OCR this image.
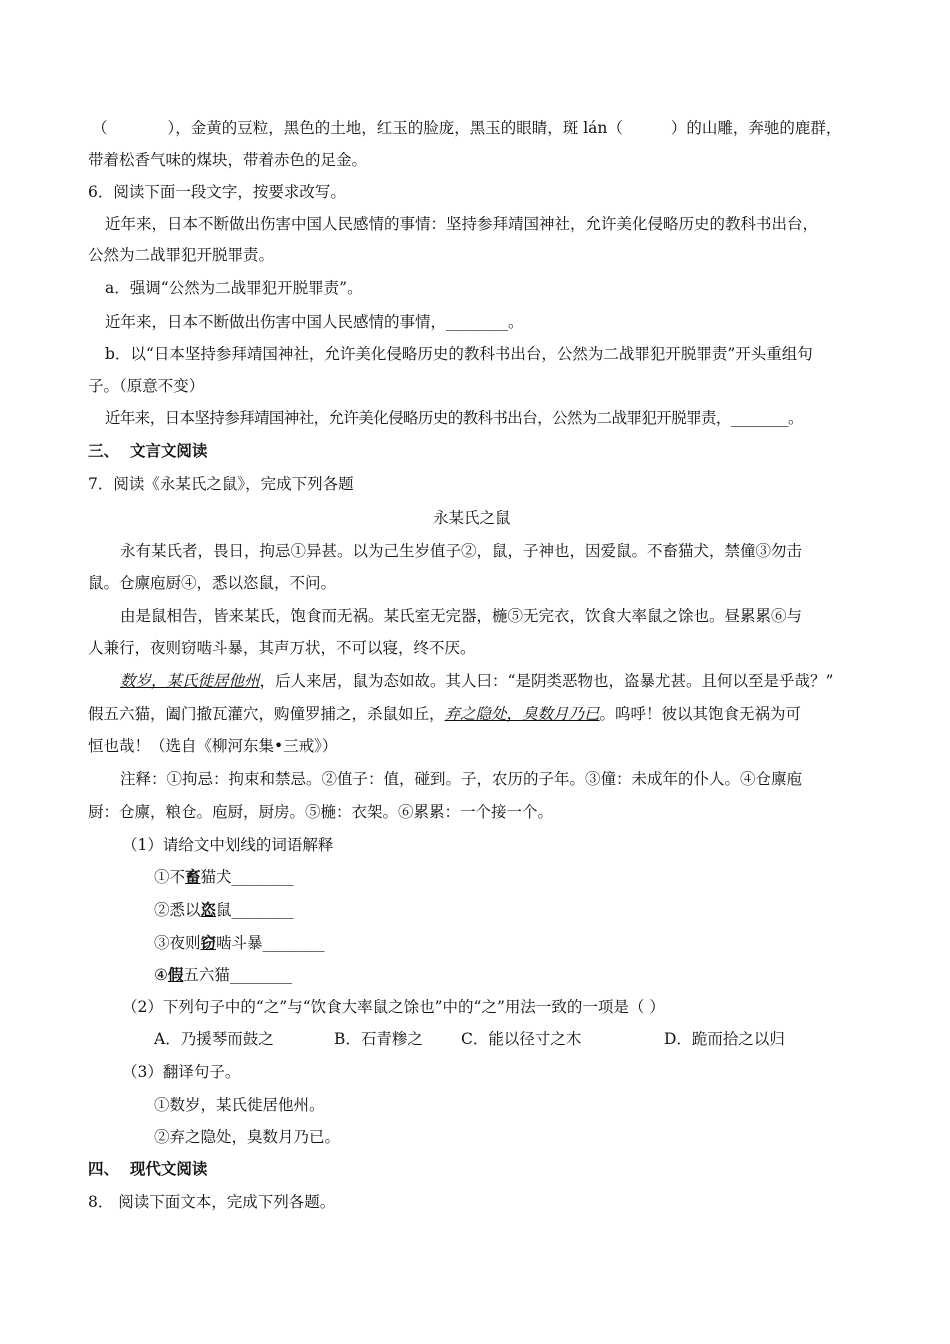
（	），金黄的豆粒，黑色的土地，红玉的脸庞，黑玉的眼睛，斑 lán（	）的山雕，奔驰的鹿群，
带着松香气味的煤块，带着赤色的足金。
6．阅读下面一段文字，按要求改写。
近年来，日本不断做出伤害中国人民感情的事情：坚持参拜靖国神社，允许美化侵略历史的教科书出台，
公然为二战罪犯开脱罪责。
a．强调“公然为二战罪犯开脱罪责”。
近年来，日本不断做出伤害中国人民感情的事情，________。
b．以“日本坚持参拜靖国神社，允许美化侵略历史的教科书出台，公然为二战罪犯开脱罪责”开头重组句
子。（原意不变）
近年来，日本坚持参拜靖国神社，允许美化侵略历史的教科书出台，公然为二战罪犯开脱罪责，________。
三、 文言文阅读
7．阅读《永某氏之鼠》，完成下列各题
永某氏之鼠
永有某氏者，畏日，拘忌①异甚。以为己生岁值子②，鼠，子神也，因爱鼠。不畜猫犬，禁僮③勿击
鼠。仓廪庖厨④，悉以恣鼠，不问。
由是鼠相告，皆来某氏，饱食而无祸。某氏室无完器，椸⑤无完衣，饮食大率鼠之馀也。昼累累⑥与
人兼行，夜则窃啮斗暴，其声万状，不可以寝，终不厌。
数岁，某氏徙居他州，后人来居，鼠为态如故。其人曰：“是阴类恶物也，盗暴尤甚。且何以至是乎哉？”
假五六猫，阖门撤瓦灌穴，购僮罗捕之，杀鼠如丘，弃之隐处，臭数月乃已。呜呼！彼以其饱食无祸为可
恒也哉！（选自《柳河东集•三戒》）
注释：①拘忌：拘束和禁忌。②值子：值，碰到。子，农历的子年。③僮：未成年的仆人。④仓廪庖
厨：仓廪，粮仓。庖厨，厨房。⑤椸：衣架。⑥累累：一个接一个。
（1）请给文中划线的词语解释
①不畜猫犬________
②悉以恣鼠________
③夜则窃啮斗暴________
④假五六猫________
（2）下列句子中的“之”与“饮食大率鼠之馀也”中的“之”用法一致的一项是（ ）
A．乃援琴而鼓之	B．石青糁之 C．能以径寸之木	D．跪而拾之以归
（3）翻译句子。
①数岁，某氏徙居他州。
②弃之隐处，臭数月乃已。
四、 现代文阅读
8． 阅读下面文本，完成下列各题。
